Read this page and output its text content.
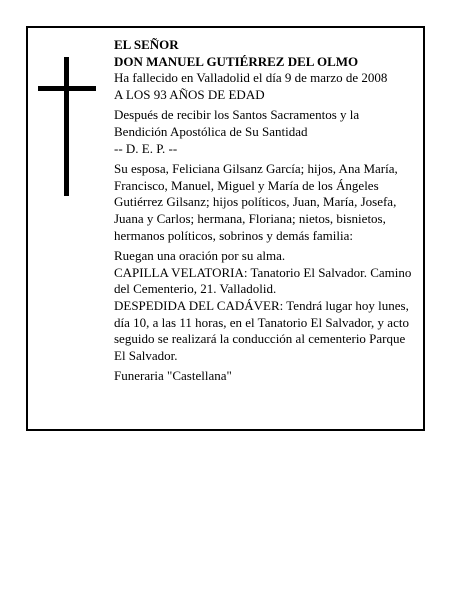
EL SEÑOR

DON MANUEL GUTIÉRREZ DEL OLMO

Ha fallecido en Valladolid el día 9 de marzo de 2008

A LOS 93 AÑOS DE EDAD

Después de recibir los Santos Sacramentos y la Bendición Apostólica de Su Santidad

-- D. E. P. --

Su esposa, Feliciana Gilsanz García; hijos, Ana María, Francisco, Manuel, Miguel y María de los Ángeles Gutiérrez Gilsanz; hijos políticos, Juan, María, Josefa, Juana y Carlos; hermana, Floriana; nietos, bisnietos, hermanos políticos, sobrinos y demás familia:

Ruegan una oración por su alma.

CAPILLA VELATORIA: Tanatorio El Salvador. Camino del Cementerio, 21. Valladolid.

DESPEDIDA DEL CADÁVER: Tendrá lugar hoy lunes, día 10, a las 11 horas, en el Tanatorio El Salvador, y acto seguido se realizará la conducción al cementerio Parque El Salvador.

Funeraria "Castellana"
